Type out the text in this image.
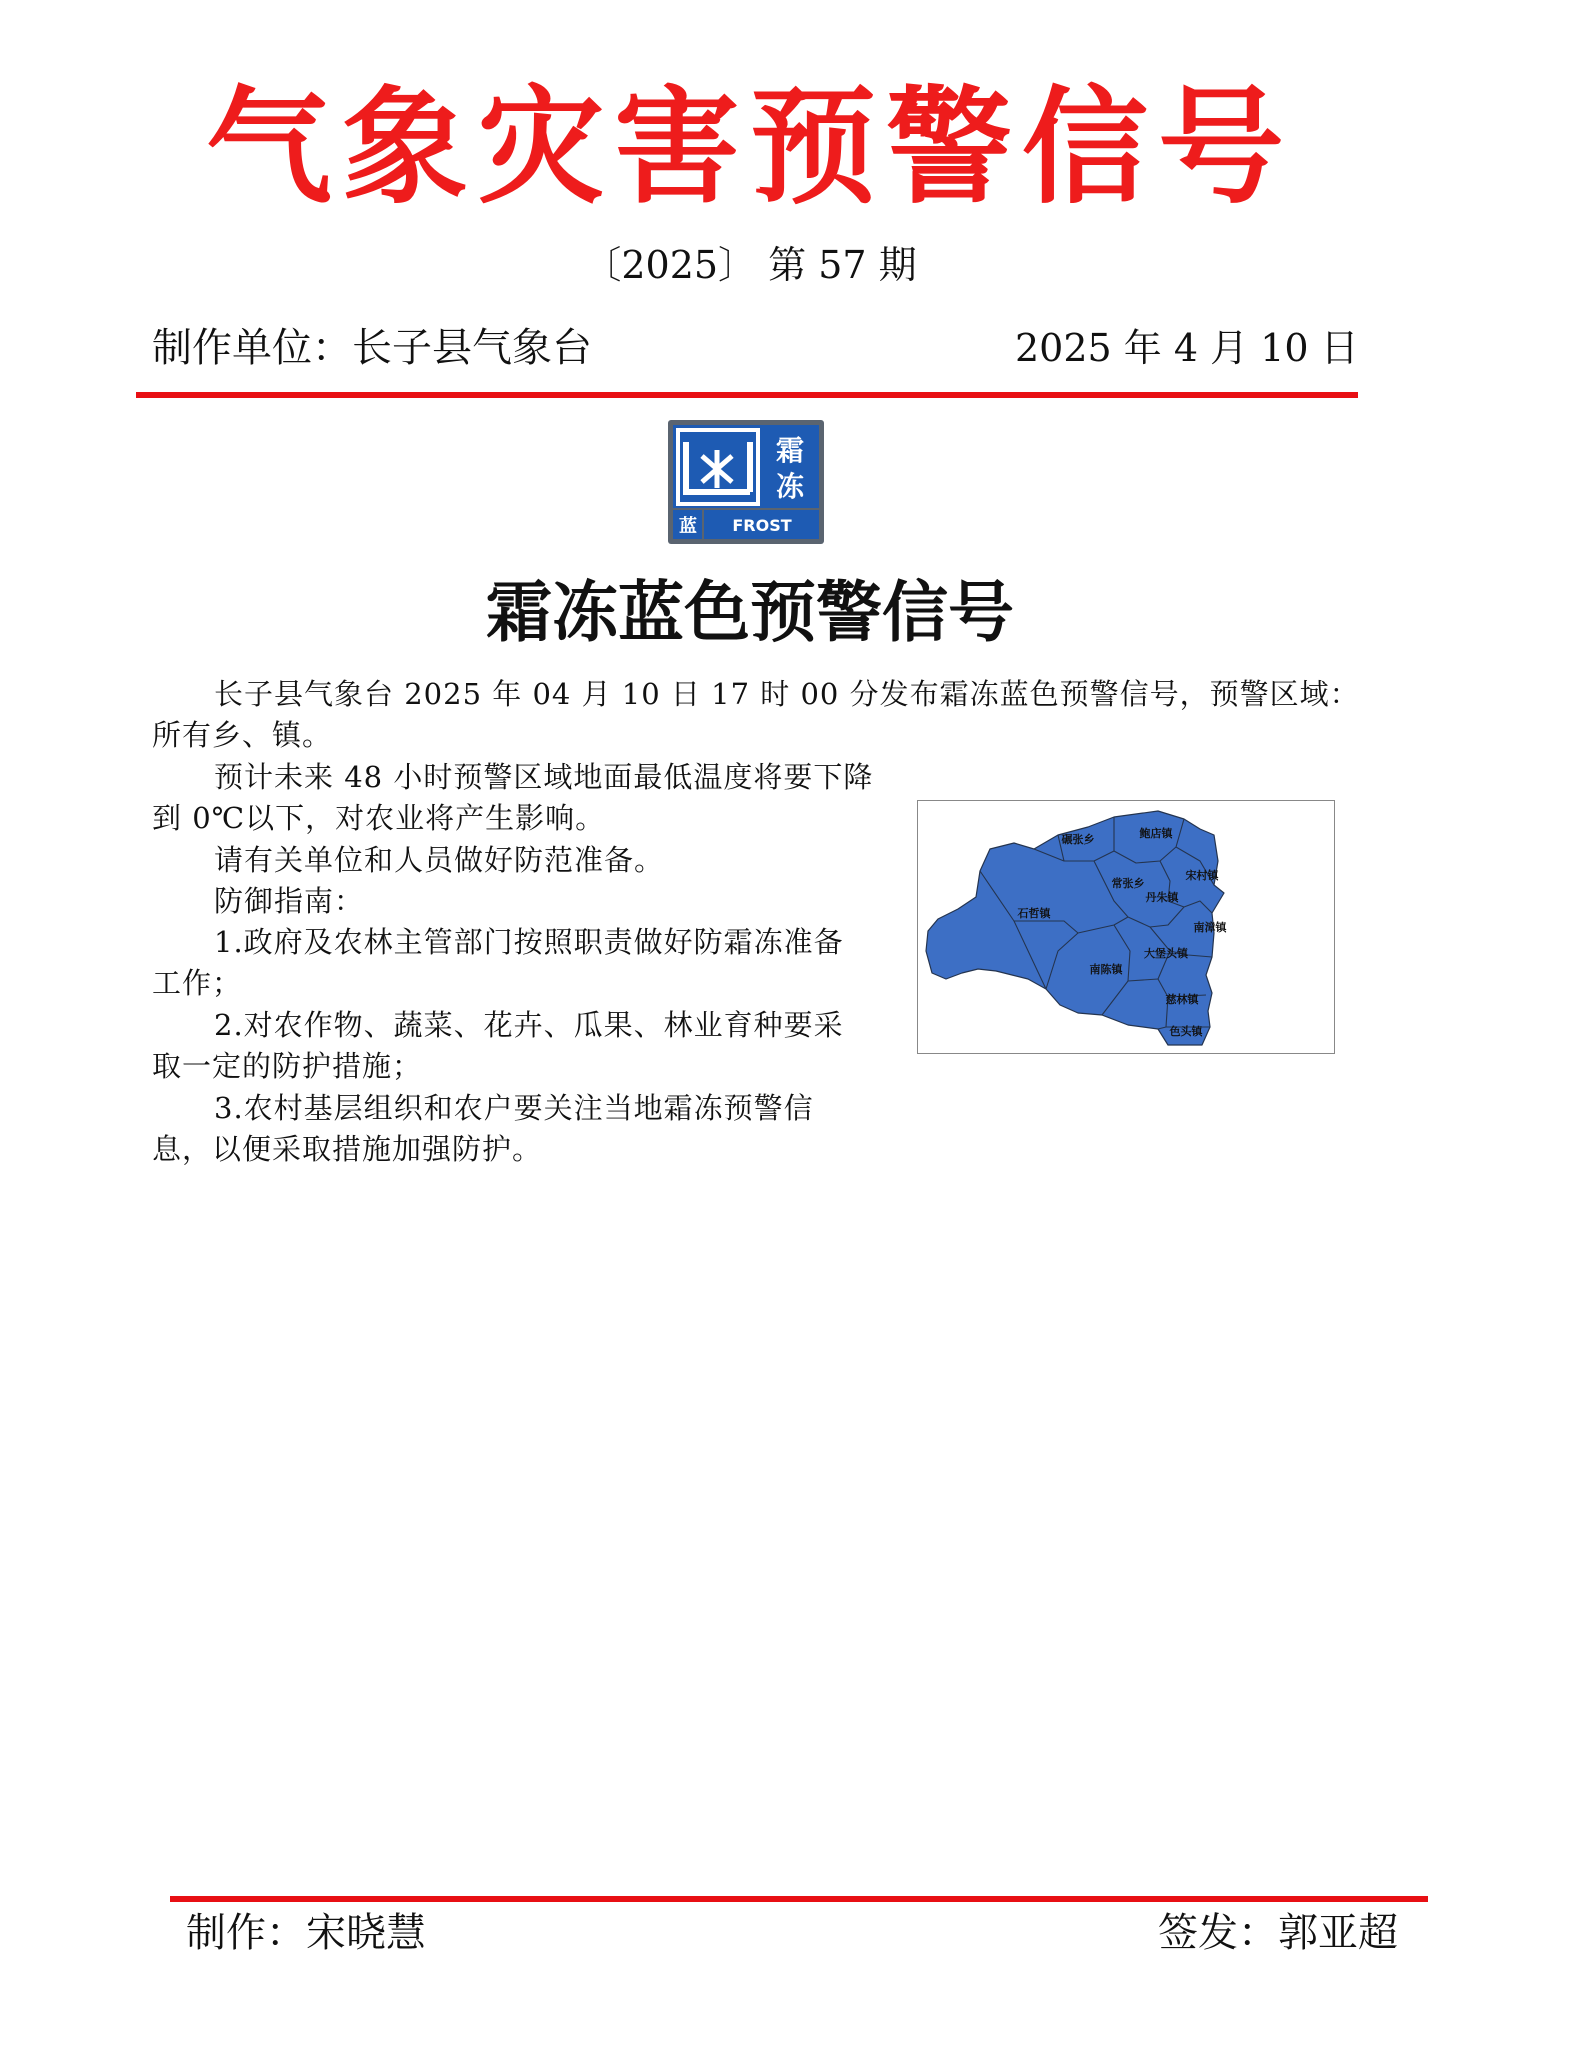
气象灾害预警信号
〔2025〕 第 57 期
制作单位：长子县气象台	2025 年 4 月 10 日
霜
冻
蓝 FROST
霜冻蓝色预警信号
长子县气象台 2025 年 04 月 10 日 17 时 00 分发布霜冻蓝色预警信号，预警区域：
所有乡、镇。
预计未来 48 小时预警区域地面最低温度将要下降
到 0℃以下，对农业将产生影响。
请有关单位和人员做好防范准备。
防御指南：
1.政府及农林主管部门按照职责做好防霜冻准备
工作；
2.对农作物、蔬菜、花卉、瓜果、林业育种要采
取一定的防护措施；
3.农村基层组织和农户要关注当地霜冻预警信
息，以便采取措施加强防护。
碾张乡	鲍店镇
宋村镇
常张乡
丹朱镇
石哲镇
南漳镇
大堡头镇
南陈镇
慈林镇
色头镇
制作：宋晓慧	签发：郭亚超
